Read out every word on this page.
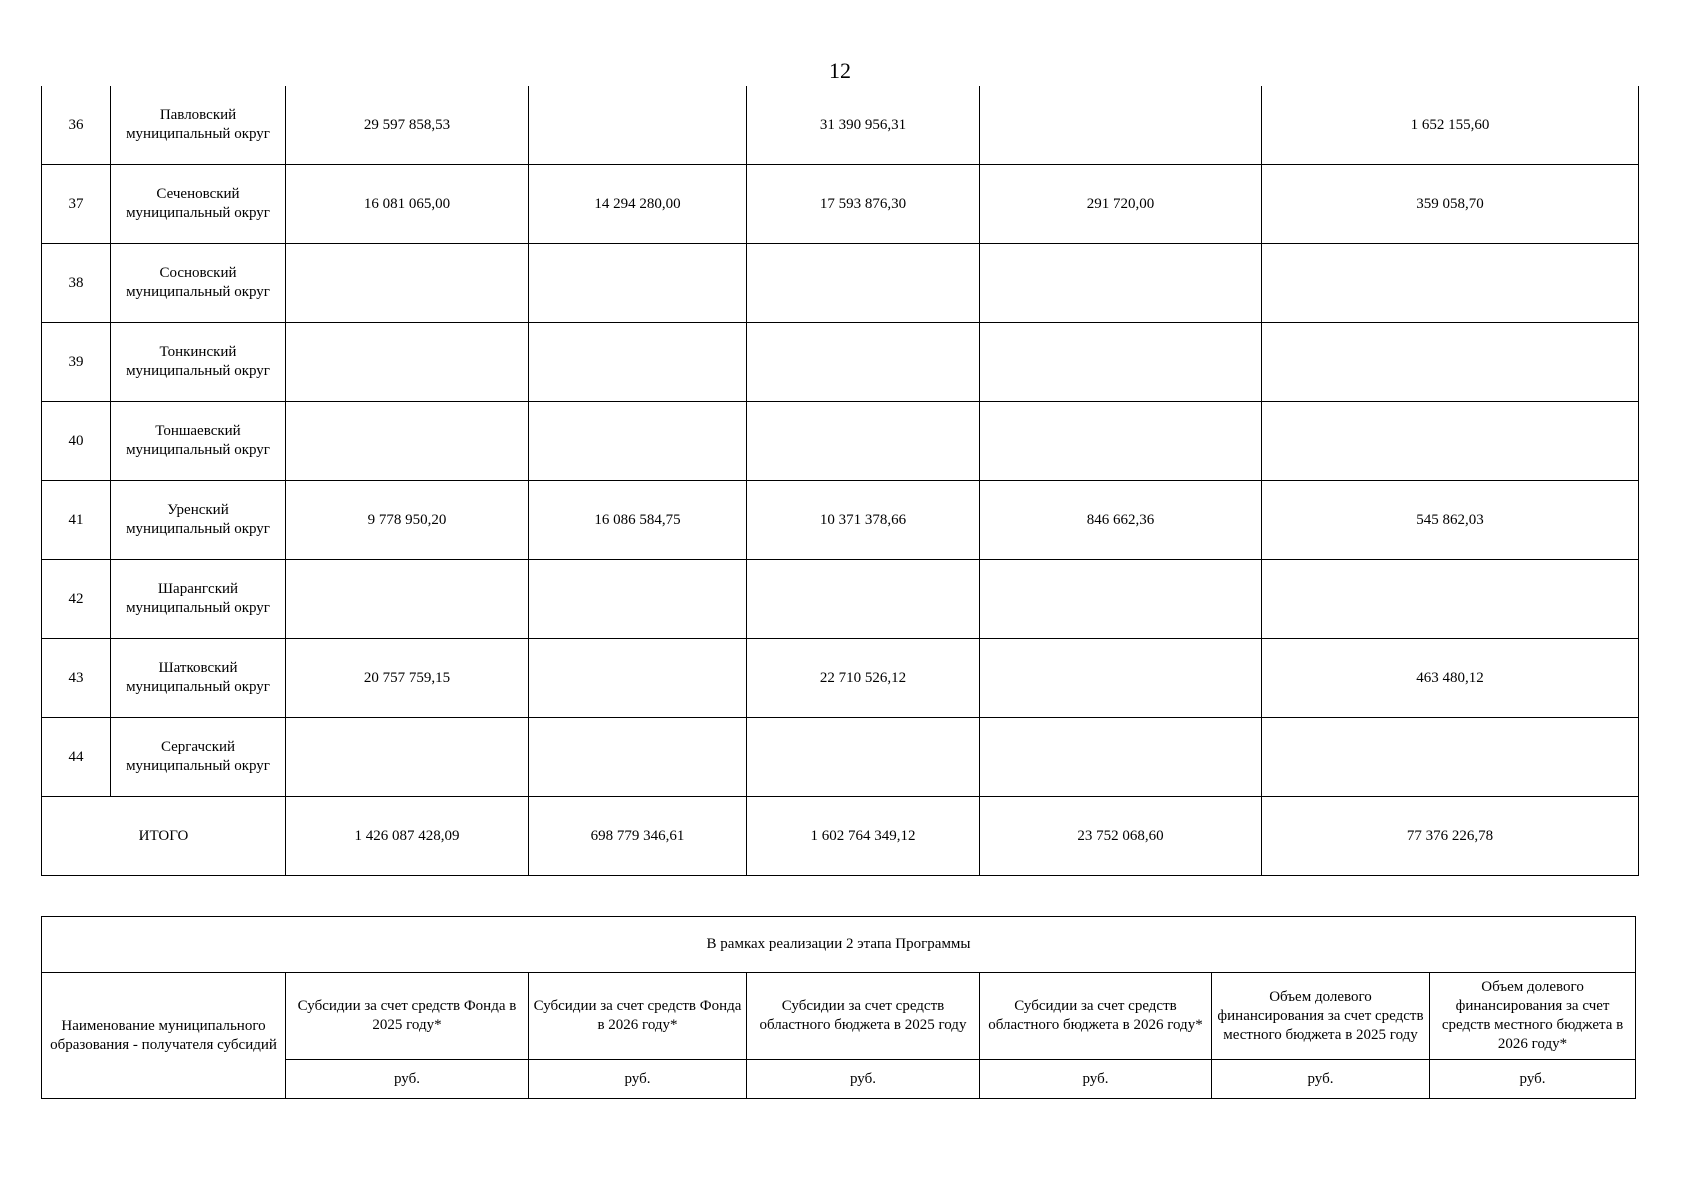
12
36	Павловский муниципальный округ	29 597 858,53		31 390 956,31		1 652 155,60
37	Сеченовский муниципальный округ	16 081 065,00	14 294 280,00	17 593 876,30	291 720,00	359 058,70
38	Сосновский муниципальный округ					
39	Тонкинский муниципальный округ					
40	Тоншаевский муниципальный округ					
41	Уренский муниципальный округ	9 778 950,20	16 086 584,75	10 371 378,66	846 662,36	545 862,03
42	Шарангский муниципальный округ					
43	Шатковский муниципальный округ	20 757 759,15		22 710 526,12		463 480,12
44	Сергачский муниципальный округ					
ИТОГО		1 426 087 428,09	698 779 346,61	1 602 764 349,12	23 752 068,60	77 376 226,78
В рамках реализации 2 этапа Программы						
Наименование муниципального образования - получателя субсидий	Субсидии за счет средств Фонда в 2025 году*	Субсидии за счет средств Фонда в 2026 году*	Субсидии за счет средств областного бюджета в 2025 году	Субсидии за счет средств областного бюджета в 2026 году*	Объем долевого финансирования за счет средств местного бюджета в 2025 году	Объем долевого финансирования за счет средств местного бюджета в 2026 году*
	руб.	руб.	руб.	руб.	руб.	руб.
